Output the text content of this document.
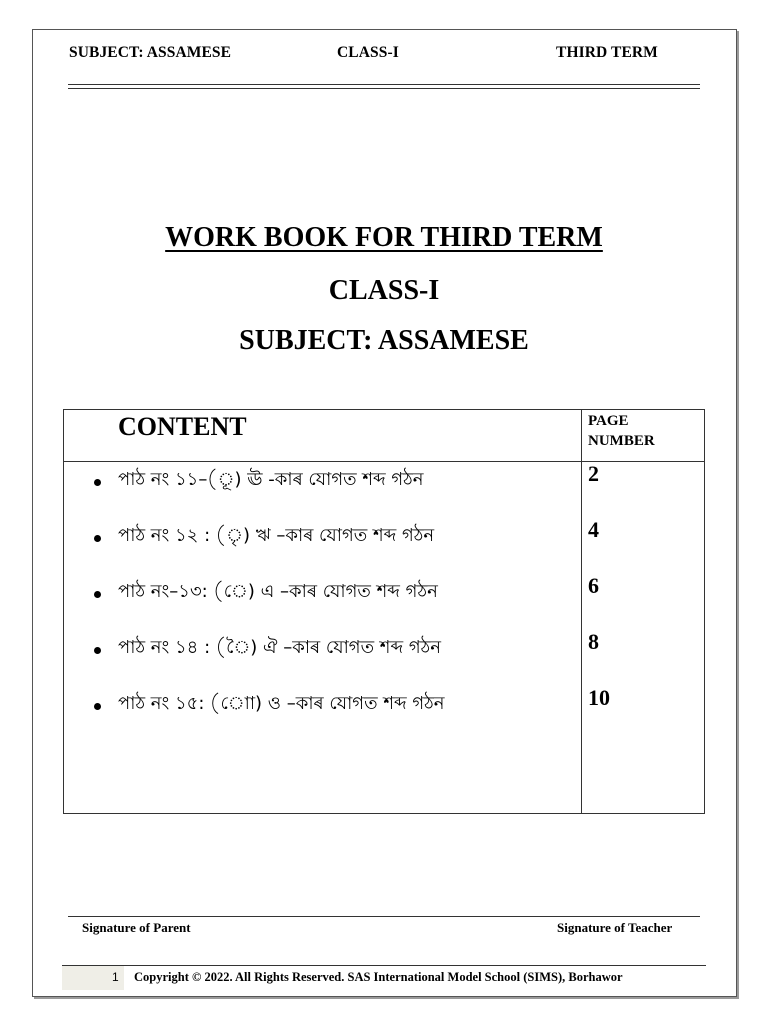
SUBJECT: ASSAMESE	CLASS-I	THIRD TERM
WORK BOOK FOR THIRD TERM
CLASS-I
SUBJECT: ASSAMESE
CONTENT	PAGE NUMBER
পাঠ নং ১১–(ূ) ঊ -কাৰ যোগত শব্দ গঠন	2
পাঠ নং ১২ : (ৃ) ঋ –কাৰ যোগত শব্দ গঠন	4
পাঠ নং–১৩: (ে) এ –কাৰ যোগত শব্দ গঠন	6
পাঠ নং ১৪ : (ৈ) ঐ –কাৰ যোগত শব্দ গঠন	8
পাঠ নং ১৫: (োা) ও –কাৰ যোগত শব্দ গঠন	10
Signature of Parent	Signature of Teacher
1 Copyright © 2022. All Rights Reserved. SAS International Model School (SIMS), Borhawor
